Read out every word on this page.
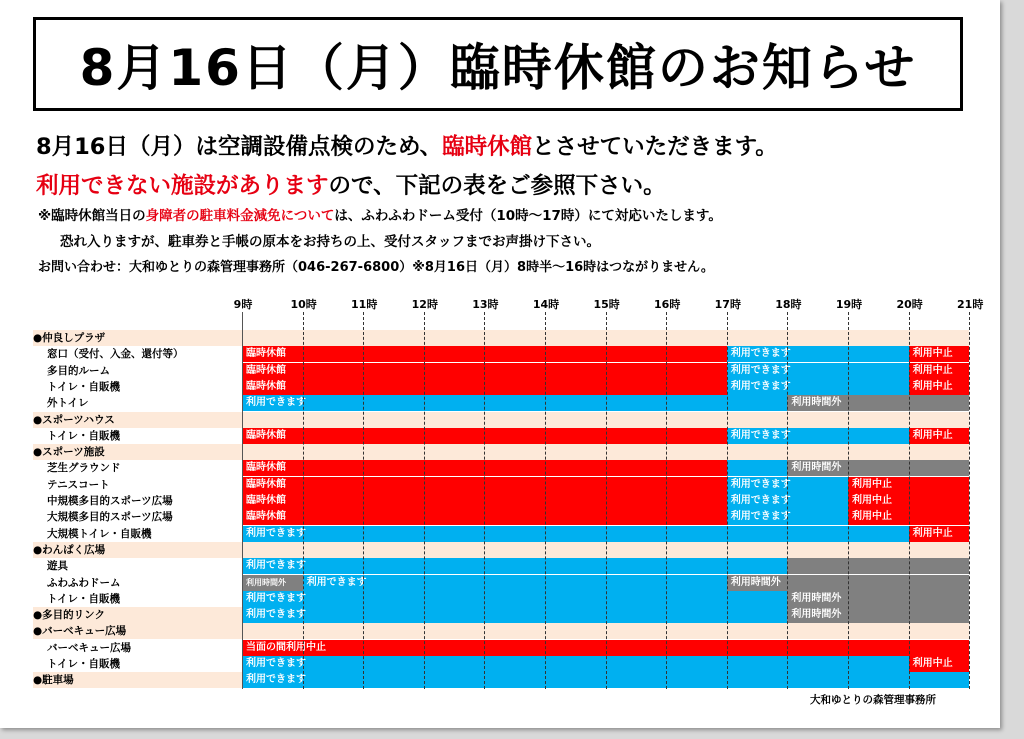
8月16日（月）臨時休館のお知らせ
8月16日（月）は空調設備点検のため、臨時休館とさせていただきます。
利用できない施設がありますので、下記の表をご参照下さい。
※臨時休館当日の身障者の駐車料金減免については、ふわふわドーム受付（10時〜17時）にて対応いたします。
恐れ入りますが、駐車券と手帳の原本をお持ちの上、受付スタッフまでお声掛け下さい。
お問い合わせ：大和ゆとりの森管理事務所（046-267-6800）※8月16日（月）8時半〜16時はつながりません。
9時	10時	11時	12時	13時	14時	15時	16時	17時	18時	19時	20時	21時
●仲良しプラザ
窓口（受付、入金、還付等）	臨時休館	利用できます	利用中止
多目的ルーム	臨時休館	利用できます	利用中止
トイレ・自販機	臨時休館	利用できます	利用中止
外トイレ	利用できます	利用時間外
●スポーツハウス
トイレ・自販機	臨時休館	利用できます	利用中止
●スポーツ施設
芝生グラウンド	臨時休館	利用時間外
テニスコート	臨時休館	利用できます	利用中止
中規模多目的スポーツ広場	臨時休館	利用できます	利用中止
大規模多目的スポーツ広場	臨時休館	利用できます	利用中止
大規模トイレ・自販機	利用できます	利用中止
●わんぱく広場
遊具	利用できます
ふわふわドーム	利用時間外	利用できます	利用時間外
トイレ・自販機	利用できます	利用時間外
●多目的リンク	利用できます	利用時間外
●バーベキュー広場
バーベキュー広場	当面の間利用中止
トイレ・自販機	利用できます	利用中止
●駐車場	利用できます
大和ゆとりの森管理事務所
